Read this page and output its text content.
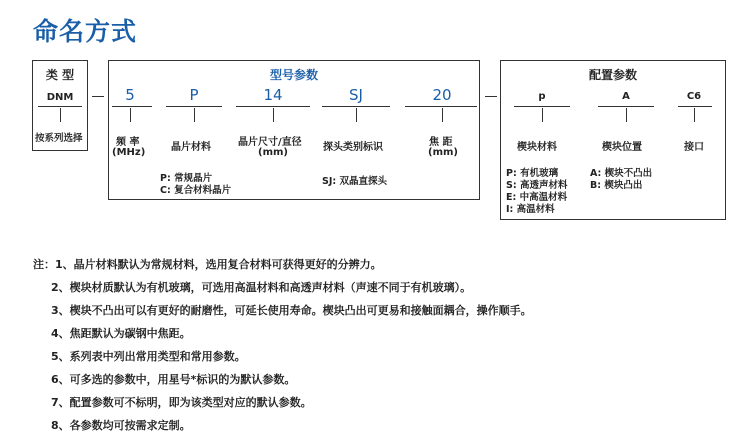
命名方式
类 型
DNM
按系列选择
型号参数
5
频 率
(MHz)
P
晶片材料
14
晶片尺寸/直径
(mm)
SJ
探头类别标识
20
焦 距
(mm)
P: 常规晶片
C: 复合材料晶片
SJ: 双晶直探头
配置参数
p
楔块材料
A
楔块位置
C6
接口
P: 有机玻璃
S: 高透声材料
E: 中高温材料
I: 高温材料
A: 楔块不凸出
B: 楔块凸出
注：1、晶片材料默认为常规材料，选用复合材料可获得更好的分辨力。
2、楔块材质默认为有机玻璃，可选用高温材料和高透声材料（声速不同于有机玻璃）。
3、楔块不凸出可以有更好的耐磨性，可延长使用寿命。楔块凸出可更易和接触面耦合，操作顺手。
4、焦距默认为碳钢中焦距。
5、系列表中列出常用类型和常用参数。
6、可多选的参数中，用星号*标识的为默认参数。
7、配置参数可不标明，即为该类型对应的默认参数。
8、各参数均可按需求定制。
